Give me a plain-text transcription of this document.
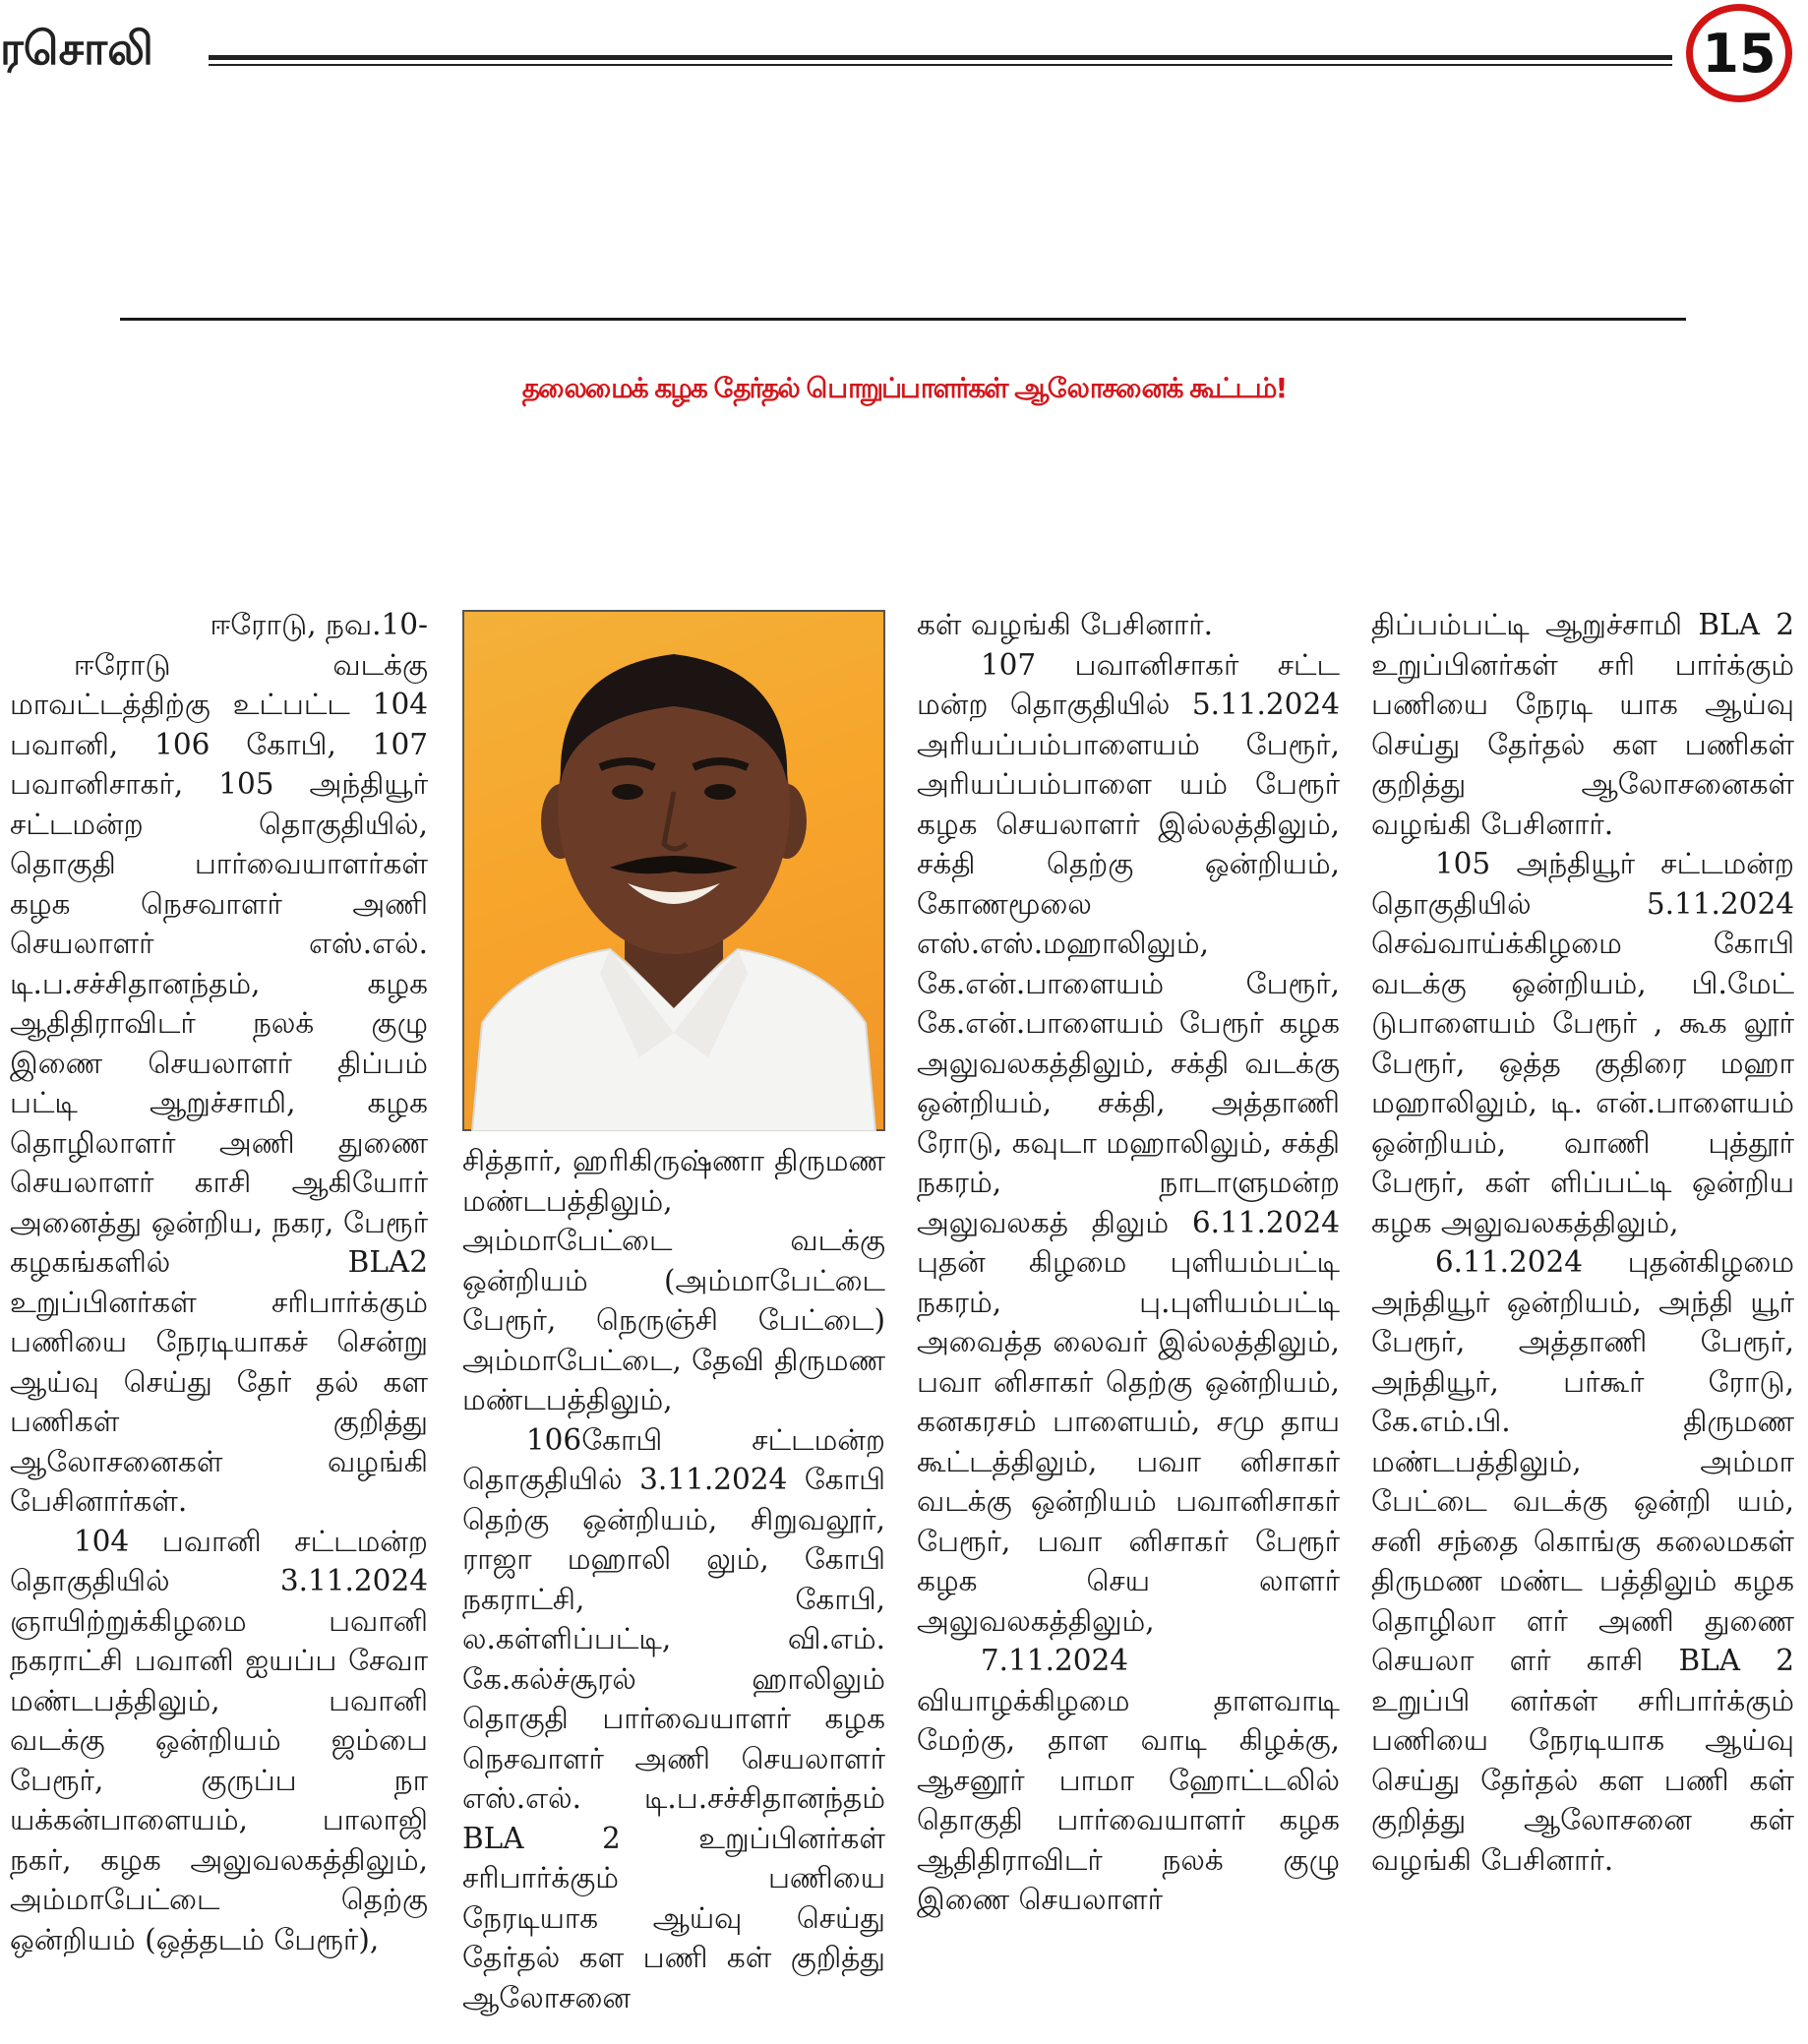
ரசொலி	15
தலைமைக் கழக தேர்தல் பொறுப்பாளர்கள் ஆலோசனைக் கூட்டம்!

ஈரோடு, நவ.10-

ஈரோடு வடக்கு மாவட்டத்திற்கு உட்பட்ட 104 பவானி, 106 கோபி, 107 பவானிசாகர், 105 அந்தியூர் சட்டமன்ற தொகுதியில், தொகுதி பார்வையாளர்கள் கழக நெசவாளர் அணி செயலாளர் எஸ்.எல். டி.ப.சச்சிதானந்தம், கழக ஆதிதிராவிடர் நலக் குழு இணை செயலாளர் திப்பம் பட்டி ஆறுச்சாமி, கழக தொழிலாளர் அணி துணை செயலாளர் காசி ஆகியோர் அனைத்து ஒன்றிய, நகர, பேரூர் கழகங்களில் BLA2 உறுப்பினர்கள் சரிபார்க்கும் பணியை நேரடியாகச் சென்று ஆய்வு செய்து தேர் தல் கள பணிகள் குறித்து ஆலோசனைகள் வழங்கி பேசினார்கள்.

104 பவானி சட்டமன்ற தொகுதியில் 3.11.2024 ஞாயிற்றுக்கிழமை பவானி நகராட்சி பவானி ஐயப்ப சேவா மண்டபத்திலும், பவானி வடக்கு ஒன்றியம் ஜம்பை பேரூர், குருப்ப நா யக்கன்பாளையம், பாலாஜி நகர், கழக அலுவலகத்திலும், அம்மாபேட்டை தெற்கு ஒன்றியம் (ஒத்தடம் பேரூர்),

சித்தார், ஹரிகிருஷ்ணா திருமண மண்டபத்திலும், அம்மாபேட்டை வடக்கு ஒன்றியம் (அம்மாபேட்டை பேரூர், நெருஞ்சி பேட்டை) அம்மாபேட்டை, தேவி திருமண மண்டபத்திலும்,

106கோபி சட்டமன்ற தொகுதியில் 3.11.2024 கோபி தெற்கு ஒன்றியம், சிறுவலூர், ராஜா மஹாலி லும், கோபி நகராட்சி, கோபி, ல.கள்ளிப்பட்டி, வி.எம். கே.கல்ச்சூரல் ஹாலிலும் தொகுதி பார்வையாளர் கழக நெசவாளர் அணி செயலாளர் எஸ்.எல். டி.ப.சச்சிதானந்தம் BLA 2 உறுப்பினர்கள் சரிபார்க்கும் பணியை நேரடியாக ஆய்வு செய்து தேர்தல் கள பணி கள் குறித்து ஆலோசனை

கள் வழங்கி பேசினார்.

107 பவானிசாகர் சட்ட மன்ற தொகுதியில் 5.11.2024 அரியப்பம்பாளையம் பேரூர், அரியப்பம்பாளை யம் பேரூர் கழக செயலாளர் இல்லத்திலும், சக்தி தெற்கு ஒன்றியம், கோணமூலை எஸ்.எஸ்.மஹாலிலும், கே.என்.பாளையம் பேரூர், கே.என்.பாளையம் பேரூர் கழக அலுவலகத்திலும், சக்தி வடக்கு ஒன்றியம், சக்தி, அத்தாணி ரோடு, கவுடா மஹாலிலும், சக்தி நகரம், நாடாளுமன்ற அலுவலகத் திலும் 6.11.2024 புதன் கிழமை புளியம்பட்டி நகரம், பு.புளியம்பட்டி அவைத்த லைவர் இல்லத்திலும், பவா னிசாகர் தெற்கு ஒன்றியம், கனகரசம் பாளையம், சமு தாய கூட்டத்திலும், பவா னிசாகர் வடக்கு ஒன்றியம் பவானிசாகர் பேரூர், பவா னிசாகர் பேரூர் கழக செய லாளர் அலுவலகத்திலும்,

7.11.2024 வியாழக்கிழமை தாளவாடி மேற்கு, தாள வாடி கிழக்கு, ஆசனூர் பாமா ஹோட்டலில் தொகுதி பார்வையாளர் கழக ஆதிதிராவிடர் நலக் குழு இணை செயலாளர்

திப்பம்பட்டி ஆறுச்சாமி BLA 2 உறுப்பினர்கள் சரி பார்க்கும் பணியை நேரடி யாக ஆய்வு செய்து தேர்தல் கள பணிகள் குறித்து ஆலோசனைகள் வழங்கி பேசினார்.

105 அந்தியூர் சட்டமன்ற தொகுதியில் 5.11.2024 செவ்வாய்க்கிழமை கோபி வடக்கு ஒன்றியம், பி.மேட் டுபாளையம் பேரூர் , கூக லூர் பேரூர், ஒத்த குதிரை மஹா மஹாலிலும், டி. என்.பாளையம் ஒன்றியம், வாணி புத்தூர் பேரூர், கள் ளிப்பட்டி ஒன்றிய கழக அலுவலகத்திலும்,

6.11.2024 புதன்கிழமை அந்தியூர் ஒன்றியம், அந்தி யூர் பேரூர், அத்தாணி பேரூர், அந்தியூர், பர்கூர் ரோடு, கே.எம்.பி. திருமண மண்டபத்திலும், அம்மா பேட்டை வடக்கு ஒன்றி யம், சனி சந்தை கொங்கு கலைமகள் திருமண மண்ட பத்திலும் கழக தொழிலா ளர் அணி துணை செயலா ளர் காசி BLA 2 உறுப்பி னர்கள் சரிபார்க்கும் பணியை நேரடியாக ஆய்வு செய்து தேர்தல் கள பணி கள் குறித்து ஆலோசனை கள் வழங்கி பேசினார்.
